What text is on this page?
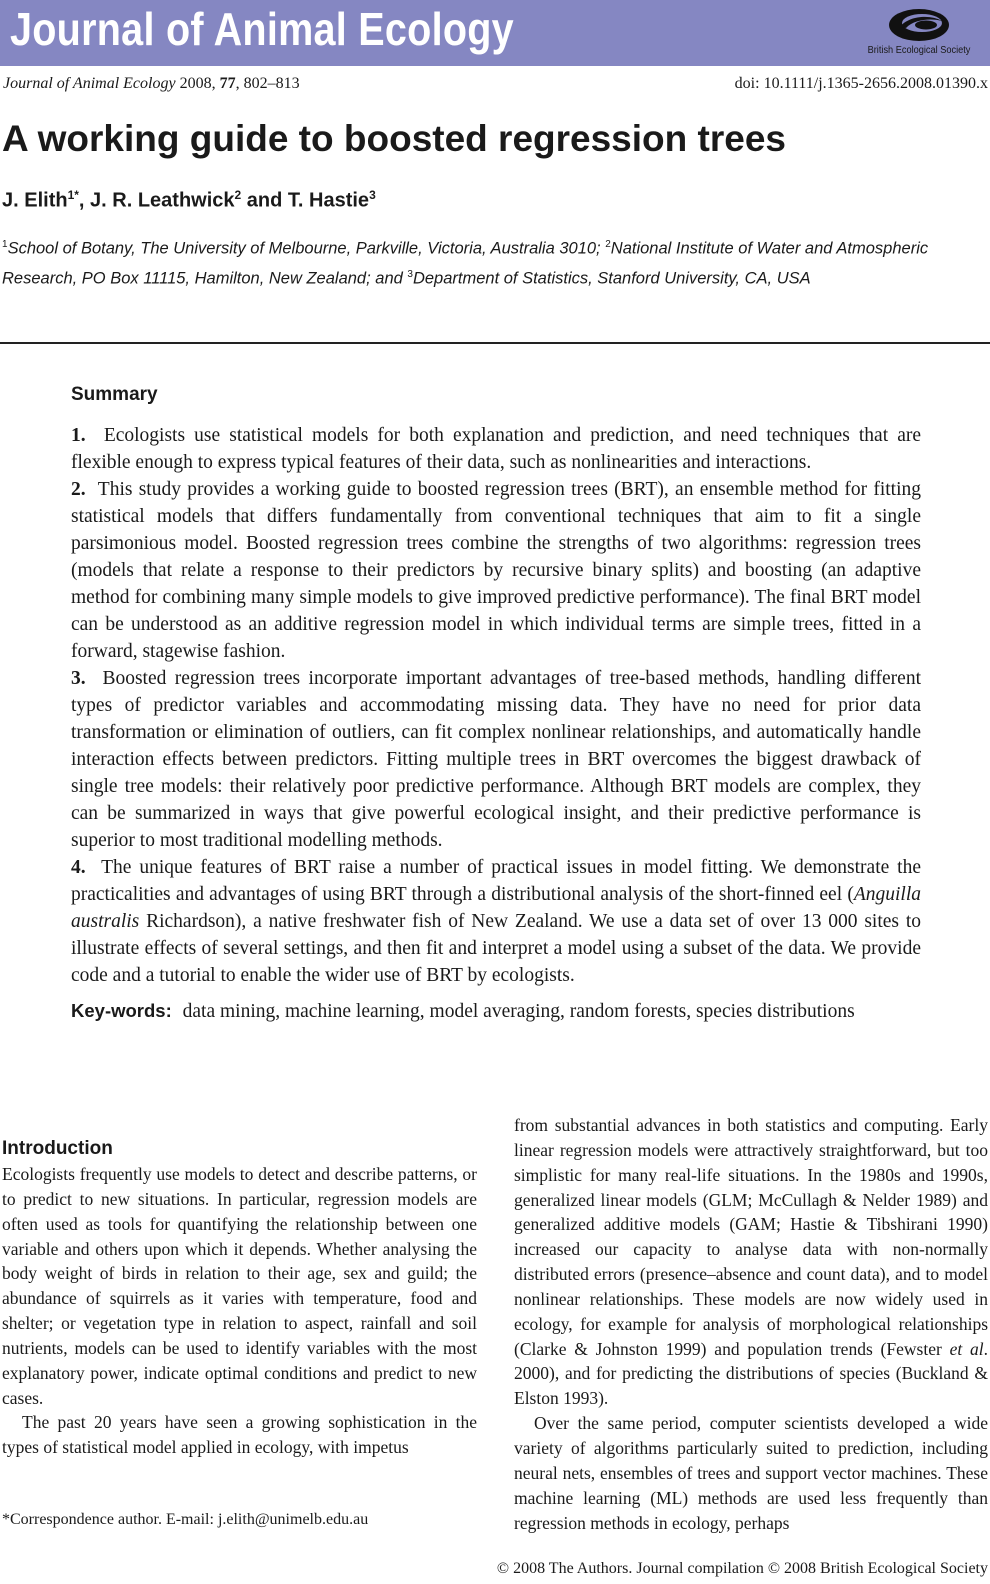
Journal of Animal Ecology	British Ecological Society
Journal of Animal Ecology 2008, 77, 802–813	doi: 10.1111/j.1365-2656.2008.01390.x
A working guide to boosted regression trees
J. Elith$^{1*}$, J. R. Leathwick$^2$ and T. Hastie$^3$
$^1$School of Botany, The University of Melbourne, Parkville, Victoria, Australia 3010; $^2$National Institute of Water and Atmospheric Research, PO Box 11115, Hamilton, New Zealand; and $^3$Department of Statistics, Stanford University, CA, USA
Summary

1. Ecologists use statistical models for both explanation and prediction, and need techniques that are flexible enough to express typical features of their data, such as nonlinearities and interactions.

2. This study provides a working guide to boosted regression trees (BRT), an ensemble method for fitting statistical models that differs fundamentally from conventional techniques that aim to fit a single parsimonious model. Boosted regression trees combine the strengths of two algorithms: regression trees (models that relate a response to their predictors by recursive binary splits) and boosting (an adaptive method for combining many simple models to give improved predictive performance). The final BRT model can be understood as an additive regression model in which individual terms are simple trees, fitted in a forward, stagewise fashion.

3. Boosted regression trees incorporate important advantages of tree-based methods, handling different types of predictor variables and accommodating missing data. They have no need for prior data transformation or elimination of outliers, can fit complex nonlinear relationships, and automatically handle interaction effects between predictors. Fitting multiple trees in BRT overcomes the biggest drawback of single tree models: their relatively poor predictive performance. Although BRT models are complex, they can be summarized in ways that give powerful ecological insight, and their predictive performance is superior to most traditional modelling methods.

4. The unique features of BRT raise a number of practical issues in model fitting. We demonstrate the practicalities and advantages of using BRT through a distributional analysis of the short-finned eel (Anguilla australis Richardson), a native freshwater fish of New Zealand. We use a data set of over 13 000 sites to illustrate effects of several settings, and then fit and interpret a model using a subset of the data. We provide code and a tutorial to enable the wider use of BRT by ecologists.

Key-words: data mining, machine learning, model averaging, random forests, species distributions
Introduction

Ecologists frequently use models to detect and describe patterns, or to predict to new situations. In particular, regression models are often used as tools for quantifying the relationship between one variable and others upon which it depends. Whether analysing the body weight of birds in relation to their age, sex and guild; the abundance of squirrels as it varies with temperature, food and shelter; or vegetation type in relation to aspect, rainfall and soil nutrients, models can be used to identify variables with the most explanatory power, indicate optimal conditions and predict to new cases.

The past 20 years have seen a growing sophistication in the types of statistical model applied in ecology, with impetus

from substantial advances in both statistics and computing. Early linear regression models were attractively straightforward, but too simplistic for many real-life situations. In the 1980s and 1990s, generalized linear models (GLM; McCullagh & Nelder 1989) and generalized additive models (GAM; Hastie & Tibshirani 1990) increased our capacity to analyse data with non-normally distributed errors (presence–absence and count data), and to model nonlinear relationships. These models are now widely used in ecology, for example for analysis of morphological relationships (Clarke & Johnston 1999) and population trends (Fewster et al. 2000), and for predicting the distributions of species (Buckland & Elston 1993).

Over the same period, computer scientists developed a wide variety of algorithms particularly suited to prediction, including neural nets, ensembles of trees and support vector machines. These machine learning (ML) methods are used less frequently than regression methods in ecology, perhaps

*Correspondence author. E-mail: j.elith@unimelb.edu.au
© 2008 The Authors. Journal compilation © 2008 British Ecological Society
